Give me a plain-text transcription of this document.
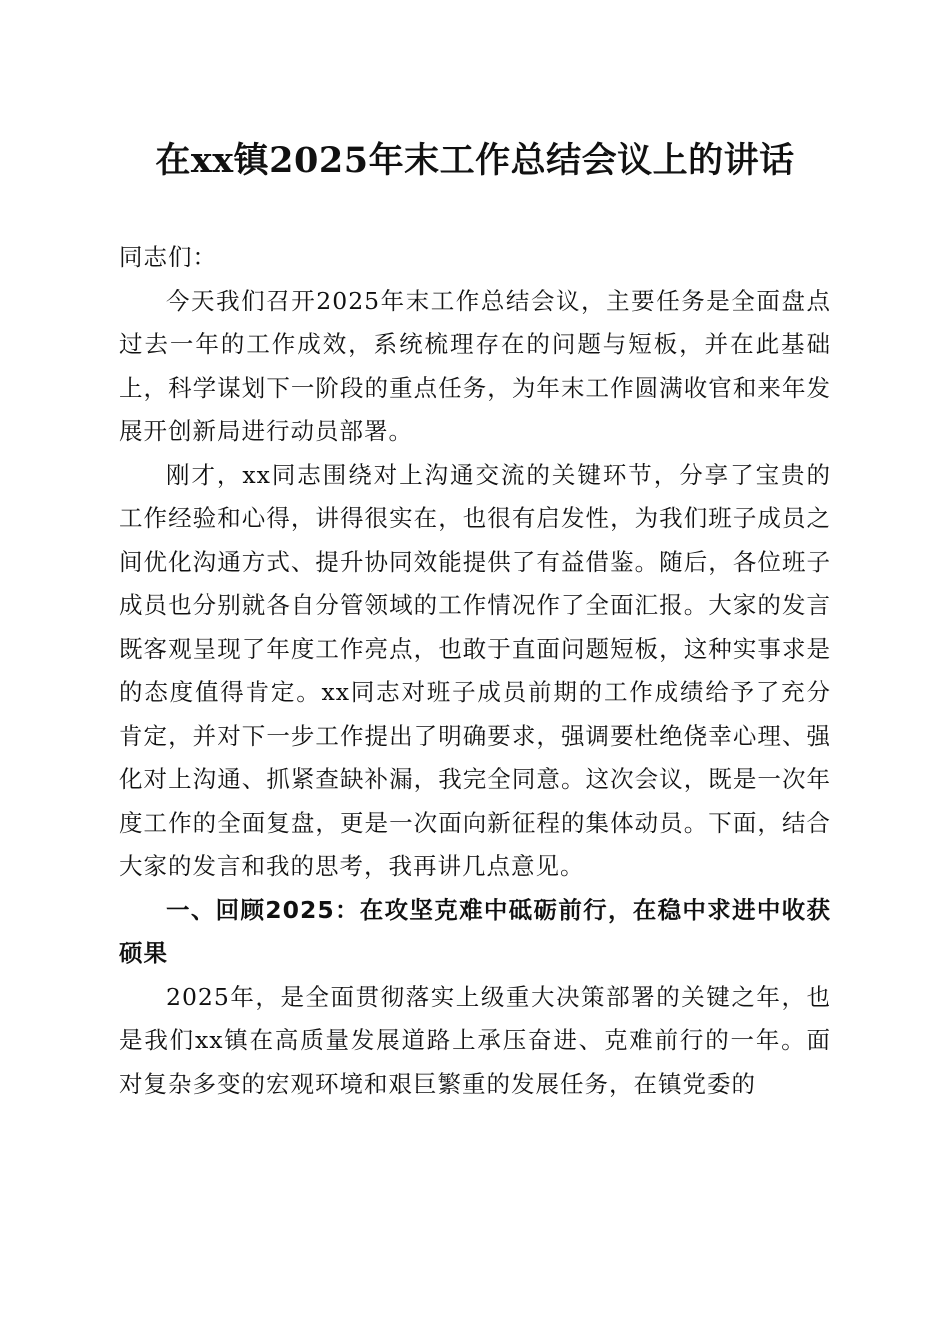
在xx镇2025年末工作总结会议上的讲话

同志们：

今天我们召开2025年末工作总结会议，主要任务是全面盘点过去一年的工作成效，系统梳理存在的问题与短板，并在此基础上，科学谋划下一阶段的重点任务，为年末工作圆满收官和来年发展开创新局进行动员部署。

刚才，xx同志围绕对上沟通交流的关键环节，分享了宝贵的工作经验和心得，讲得很实在，也很有启发性，为我们班子成员之间优化沟通方式、提升协同效能提供了有益借鉴。随后，各位班子成员也分别就各自分管领域的工作情况作了全面汇报。大家的发言既客观呈现了年度工作亮点，也敢于直面问题短板，这种实事求是的态度值得肯定。xx同志对班子成员前期的工作成绩给予了充分肯定，并对下一步工作提出了明确要求，强调要杜绝侥幸心理、强化对上沟通、抓紧查缺补漏，我完全同意。这次会议，既是一次年度工作的全面复盘，更是一次面向新征程的集体动员。下面，结合大家的发言和我的思考，我再讲几点意见。

一、回顾2025：在攻坚克难中砥砺前行，在稳中求进中收获硕果

2025年，是全面贯彻落实上级重大决策部署的关键之年，也是我们xx镇在高质量发展道路上承压奋进、克难前行的一年。面对复杂多变的宏观环境和艰巨繁重的发展任务，在镇党委的
